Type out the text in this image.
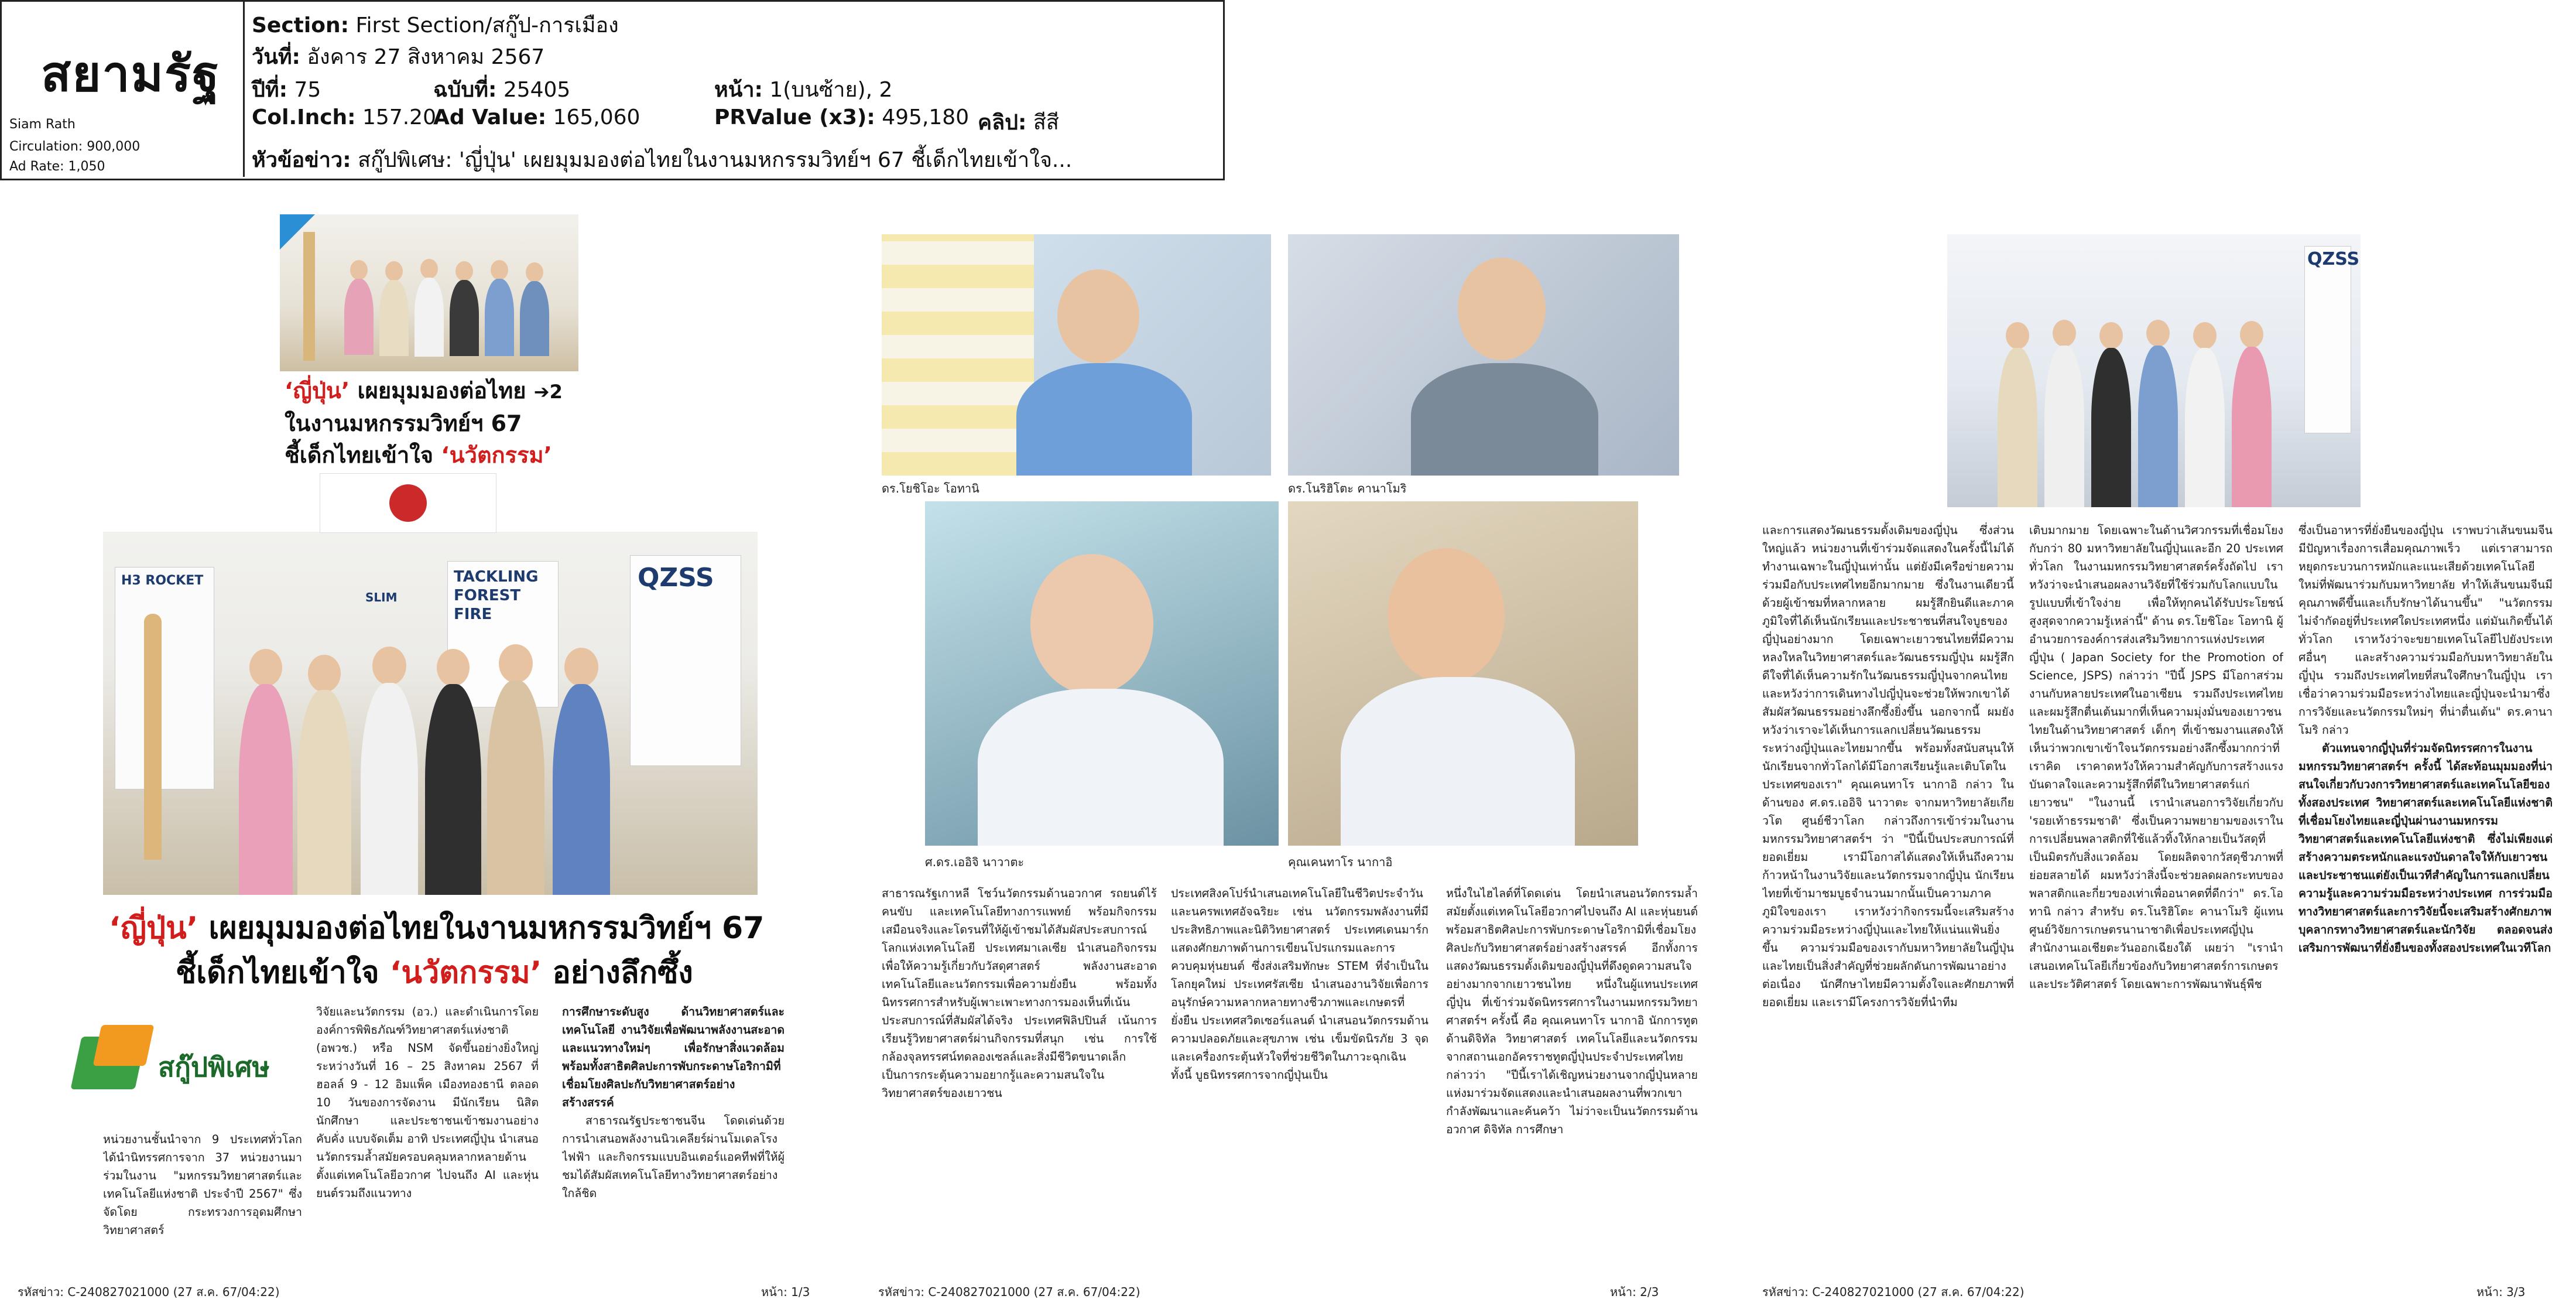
สยามรัฐ
Siam Rath
Circulation: 900,000
Ad Rate: 1,050
Section: First Section/สกู๊ป-การเมือง
วันที่: อังคาร 27 สิงหาคม 2567
ปีที่: 75	ฉบับที่: 25405	หน้า: 1(บนซ้าย), 2
Col.Inch: 157.20
Ad Value: 165,060	PRValue (x3): 495,180 คลิป: สีสี
หัวข้อข่าว: สกู๊ปพิเศษ: 'ญี่ปุ่น' เผยมุมมองต่อไทยในงานมหกรรมวิทย์ฯ 67 ชี้เด็กไทยเข้าใจ...
‘ญี่ปุ่น’ เผยมุมมองต่อไทย ➔2
ในงานมหกรรมวิทย์ฯ 67
ชี้เด็กไทยเข้าใจ ‘นวัตกรรม’
H3 ROCKET	TACKLING FOREST FIRE
SLIM
QZSS
‘ญี่ปุ่น’ เผยมุมมองต่อไทยในงานมหกรรมวิทย์ฯ 67
ชี้เด็กไทยเข้าใจ ‘นวัตกรรม’ อย่างลึกซึ้ง
สกู๊ปพิเศษ

หน่วยงานชั้นนำจาก 9 ประเทศทั่วโลก ได้นำนิทรรศการจาก 37 หน่วยงานมาร่วมในงาน "มหกรรมวิทยาศาสตร์และเทคโนโลยีแห่งชาติ ประจำปี 2567" ซึ่งจัดโดย กระทรวงการอุดมศึกษา วิทยาศาสตร์

วิจัยและนวัตกรรม (อว.) และดำเนินการโดยองค์การพิพิธภัณฑ์วิทยาศาสตร์แห่งชาติ (อพวช.) หรือ NSM จัดขึ้นอย่างยิ่งใหญ่ระหว่างวันที่ 16 – 25 สิงหาคม 2567 ที่ฮอลล์ 9 - 12 อิมแพ็ค เมืองทองธานี ตลอด 10 วันของการจัดงาน มีนักเรียน นิสิต นักศึกษา และประชาชนเข้าชมงานอย่างคับคั่ง แบบจัดเต็ม อาทิ ประเทศญี่ปุ่น นำเสนอนวัตกรรมล้ำสมัยครอบคลุมหลากหลายด้าน ตั้งแต่เทคโนโลยีอวกาศ ไปจนถึง AI และหุ่นยนต์รวมถึงแนวทาง

การศึกษาระดับสูง ด้านวิทยาศาสตร์และเทคโนโลยี งานวิจัยเพื่อพัฒนาพลังงานสะอาด และแนวทางใหม่ๆ เพื่อรักษาสิ่งแวดล้อม พร้อมทั้งสาธิตศิลปะการพับกระดาษโอริกามิที่เชื่อมโยงศิลปะกับวิทยาศาสตร์อย่างสร้างสรรค์

สาธารณรัฐประชาชนจีน โดดเด่นด้วยการนำเสนอพลังงานนิวเคลียร์ผ่านโมเดลโรงไฟฟ้า และกิจกรรมแบบอินเตอร์แอคทีฟที่ให้ผู้ชมได้สัมผัสเทคโนโลยีทางวิทยาศาสตร์อย่างใกล้ชิด

รหัสข่าว: C-240827021000 (27 ส.ค. 67/04:22)	หน้า: 1/3
ดร.โยชิโอะ โอทานิ	ดร.โนริฮิโตะ คานาโมริ
ศ.ดร.เออิจิ นาวาตะ	คุณเคนทาโร นากาอิ

สาธารณรัฐเกาหลี โชว์นวัตกรรมด้านอวกาศ รถยนต์ไร้คนขับ และเทคโนโลยีทางการแพทย์ พร้อมกิจกรรมเสมือนจริงและโดรนที่ให้ผู้เข้าชมได้สัมผัสประสบการณ์โลกแห่งเทคโนโลยี ประเทศมาเลเซีย นำเสนอกิจกรรมเพื่อให้ความรู้เกี่ยวกับวัสดุศาสตร์ พลังงานสะอาด เทคโนโลยีและนวัตกรรมเพื่อความยั่งยืน พร้อมทั้งนิทรรศการสำหรับผู้เพาะเพาะทางการมองเห็นที่เน้นประสบการณ์ที่สัมผัสได้จริง ประเทศฟิลิปปินส์ เน้นการเรียนรู้วิทยาศาสตร์ผ่านกิจกรรมที่สนุก เช่น การใช้กล้องจุลทรรศน์ทดลองเซลล์และสิ่งมีชีวิตขนาดเล็ก เป็นการกระตุ้นความอยากรู้และความสนใจในวิทยาศาสตร์ของเยาวชน

ประเทศสิงคโปร์นำเสนอเทคโนโลยีในชีวิตประจำวันและนครพเทศอัจฉริยะ เช่น นวัตกรรมพลังงานที่มีประสิทธิภาพและนิติวิทยาศาสตร์ ประเทศเดนมาร์ก แสดงศักยภาพด้านการเขียนโปรแกรมและการควบคุมหุ่นยนต์ ซึ่งส่งเสริมทักษะ STEM ที่จำเป็นในโลกยุคใหม่ ประเทศรัสเซีย นำเสนองานวิจัยเพื่อการอนุรักษ์ความหลากหลายทางชีวภาพและเกษตรที่ยั่งยืน ประเทศสวิตเซอร์แลนด์ นำเสนอนวัตกรรมด้านความปลอดภัยและสุขภาพ เช่น เข็มขัดนิรภัย 3 จุด และเครื่องกระตุ้นหัวใจที่ช่วยชีวิตในภาวะฉุกเฉิน ทั้งนี้ บูธนิทรรศการจากญี่ปุ่นเป็น

หนึ่งในไฮไลต์ที่โดดเด่น โดยนำเสนอนวัตกรรมล้ำสมัยตั้งแต่เทคโนโลยีอวกาศไปจนถึง AI และหุ่นยนต์ พร้อมสาธิตศิลปะการพับกระดาษโอริกามิที่เชื่อมโยงศิลปะกับวิทยาศาสตร์อย่างสร้างสรรค์ อีกทั้งการแสดงวัฒนธรรมดั้งเดิมของญี่ปุ่นที่ดึงดูดความสนใจอย่างมากจากเยาวชนไทย หนึ่งในผู้แทนประเทศญี่ปุ่น ที่เข้าร่วมจัดนิทรรศการในงานมหกรรมวิทยาศาสตร์ฯ ครั้งนี้ คือ คุณเคนทาโร นากาอิ นักการทูตด้านดิจิทัล วิทยาศาสตร์ เทคโนโลยีและนวัตกรรม จากสถานเอกอัครราชทูตญี่ปุ่นประจำประเทศไทย กล่าวว่า "ปีนี้เราได้เชิญหน่วยงานจากญี่ปุ่นหลายแห่งมาร่วมจัดแสดงและนำเสนอผลงานที่พวกเขากำลังพัฒนาและค้นคว้า ไม่ว่าจะเป็นนวัตกรรมด้านอวกาศ ดิจิทัล การศึกษา

รหัสข่าว: C-240827021000 (27 ส.ค. 67/04:22)	หน้า: 2/3
QZSS

และการแสดงวัฒนธรรมดั้งเดิมของญี่ปุ่น ซึ่งส่วนใหญ่แล้ว หน่วยงานที่เข้าร่วมจัดแสดงในครั้งนี้ไม่ได้ทำงานเฉพาะในญี่ปุ่นเท่านั้น แต่ยังมีเครือข่ายความร่วมมือกับประเทศไทยอีกมากมาย ซึ่งในงานเดียวนี้ ด้วยผู้เข้าชมที่หลากหลาย ผมรู้สึกยินดีและภาคภูมิใจที่ได้เห็นนักเรียนและประชาชนที่สนใจบูธของญี่ปุ่นอย่างมาก โดยเฉพาะเยาวชนไทยที่มีความหลงใหลในวิทยาศาสตร์และวัฒนธรรมญี่ปุ่น ผมรู้สึกดีใจที่ได้เห็นความรักในวัฒนธรรมญี่ปุ่นจากคนไทย และหวังว่าการเดินทางไปญี่ปุ่นจะช่วยให้พวกเขาได้สัมผัสวัฒนธรรมอย่างลึกซึ้งยิ่งขึ้น นอกจากนี้ ผมยังหวังว่าเราจะได้เห็นการแลกเปลี่ยนวัฒนธรรมระหว่างญี่ปุ่นและไทยมากขึ้น พร้อมทั้งสนับสนุนให้นักเรียนจากทั่วโลกได้มีโอกาสเรียนรู้และเติบโตในประเทศของเรา" คุณเคนทาโร นากาอิ กล่าว ในด้านของ ศ.ดร.เออิจิ นาวาตะ จากมหาวิทยาลัยเกียวโต ศูนย์ชีวาโลก กล่าวถึงการเข้าร่วมในงานมหกรรมวิทยาศาสตร์ฯ ว่า "ปีนี้เป็นประสบการณ์ที่ยอดเยี่ยม เรามีโอกาสได้แสดงให้เห็นถึงความก้าวหน้าในงานวิจัยและนวัตกรรมจากญี่ปุ่น นักเรียนไทยที่เข้ามาชมบูธจำนวนมากนั้นเป็นความภาคภูมิใจของเรา เราหวังว่ากิจกรรมนี้จะเสริมสร้างความร่วมมือระหว่างญี่ปุ่นและไทยให้แน่นแฟ้นยิ่งขึ้น ความร่วมมือของเรากับมหาวิทยาลัยในญี่ปุ่นและไทยเป็นสิ่งสำคัญที่ช่วยผลักดันการพัฒนาอย่างต่อเนื่อง นักศึกษาไทยมีความตั้งใจและศักยภาพที่ยอดเยี่ยม และเรามีโครงการวิจัยที่นำทีม

เติบมากมาย โดยเฉพาะในด้านวิศวกรรมที่เชื่อมโยงกับกว่า 80 มหาวิทยาลัยในญี่ปุ่นและอีก 20 ประเทศทั่วโลก ในงานมหกรรมวิทยาศาสตร์ครั้งถัดไป เราหวังว่าจะนำเสนอผลงานวิจัยที่ใช้ร่วมกับโลกแบบในรูปแบบที่เข้าใจง่าย เพื่อให้ทุกคนได้รับประโยชน์สูงสุดจากความรู้เหล่านี้" ด้าน ดร.โยชิโอะ โอทานิ ผู้อำนวยการองค์การส่งเสริมวิทยาการแห่งประเทศญี่ปุ่น ( Japan Society for the Promotion of Science, JSPS) กล่าวว่า "ปีนี้ JSPS มีโอกาสร่วมงานกับหลายประเทศในอาเซียน รวมถึงประเทศไทย และผมรู้สึกตื่นเต้นมากที่เห็นความมุ่งมั่นของเยาวชนไทยในด้านวิทยาศาสตร์ เด็กๆ ที่เข้าชมงานแสดงให้เห็นว่าพวกเขาเข้าใจนวัตกรรมอย่างลึกซึ้งมากกว่าที่เราคิด เราคาดหวังให้ความสำคัญกับการสร้างแรงบันดาลใจและความรู้สึกที่ดีในวิทยาศาสตร์แก่เยาวชน" "ในงานนี้ เรานำเสนอการวิจัยเกี่ยวกับ 'รอยเท้าธรรมชาติ' ซึ่งเป็นความพยายามของเราในการเปลี่ยนพลาสติกที่ใช้แล้วทิ้งให้กลายเป็นวัสดุที่เป็นมิตรกับสิ่งแวดล้อม โดยผลิตจากวัสดุชีวภาพที่ย่อยสลายได้ ผมหวังว่าสิ่งนี้จะช่วยลดผลกระทบของพลาสติกและกี่ยวของเท่าเพื่ออนาคตที่ดีกว่า" ดร.โอทานิ กล่าว สำหรับ ดร.โนริฮิโตะ คานาโมริ ผู้แทนศูนย์วิจัยการเกษตรนานาชาติเพื่อประเทศญี่ปุ่น สำนักงานเอเชียตะวันออกเฉียงใต้ เผยว่า "เรานำเสนอเทคโนโลยีเกี่ยวข้องกับวิทยาศาสตร์การเกษตรและประวัติศาสตร์ โดยเฉพาะการพัฒนาพันธุ์พืช

ซึ่งเป็นอาหารที่ยั่งยืนของญี่ปุ่น เราพบว่าเส้นขนมจีนมีปัญหาเรื่องการเสื่อมคุณภาพเร็ว แต่เราสามารถหยุดกระบวนการหมักและแนะเสียด้วยเทคโนโลยีใหม่ที่พัฒนาร่วมกับมหาวิทยาลัย ทำให้เส้นขนมจีนมีคุณภาพดีขึ้นและเก็บรักษาได้นานขึ้น" "นวัตกรรมไม่จำกัดอยู่ที่ประเทศใดประเทศหนึ่ง แต่มันเกิดขึ้นได้ทั่วโลก เราหวังว่าจะขยายเทคโนโลยีไปยังประเทศอื่นๆ และสร้างความร่วมมือกับมหาวิทยาลัยในญี่ปุ่น รวมถึงประเทศไทยที่สนใจศึกษาในญี่ปุ่น เราเชื่อว่าความร่วมมือระหว่างไทยและญี่ปุ่นจะนำมาซึ่งการวิจัยและนวัตกรรมใหม่ๆ ที่น่าตื่นเต้น" ดร.คานาโมริ กล่าว

ตัวแทนจากญี่ปุ่นที่ร่วมจัดนิทรรศการในงานมหกรรมวิทยาศาสตร์ฯ ครั้งนี้ ได้สะท้อนมุมมองที่น่าสนใจเกี่ยวกับวงการวิทยาศาสตร์และเทคโนโลยีของทั้งสองประเทศ วิทยาศาสตร์และเทคโนโลยีแห่งชาติที่เชื่อมโยงไทยและญี่ปุ่นผ่านงานมหกรรมวิทยาศาสตร์และเทคโนโลยีแห่งชาติ ซึ่งไม่เพียงแต่สร้างความตระหนักและแรงบันดาลใจให้กับเยาวชนและประชาชนแต่ยังเป็นเวทีสำคัญในการแลกเปลี่ยนความรู้และความร่วมมือระหว่างประเทศ การร่วมมือทางวิทยาศาสตร์และการวิจัยนี้จะเสริมสร้างศักยภาพบุคลากรทางวิทยาศาสตร์และนักวิจัย ตลอดจนส่งเสริมการพัฒนาที่ยั่งยืนของทั้งสองประเทศในเวทีโลก

รหัสข่าว: C-240827021000 (27 ส.ค. 67/04:22)	หน้า: 3/3
